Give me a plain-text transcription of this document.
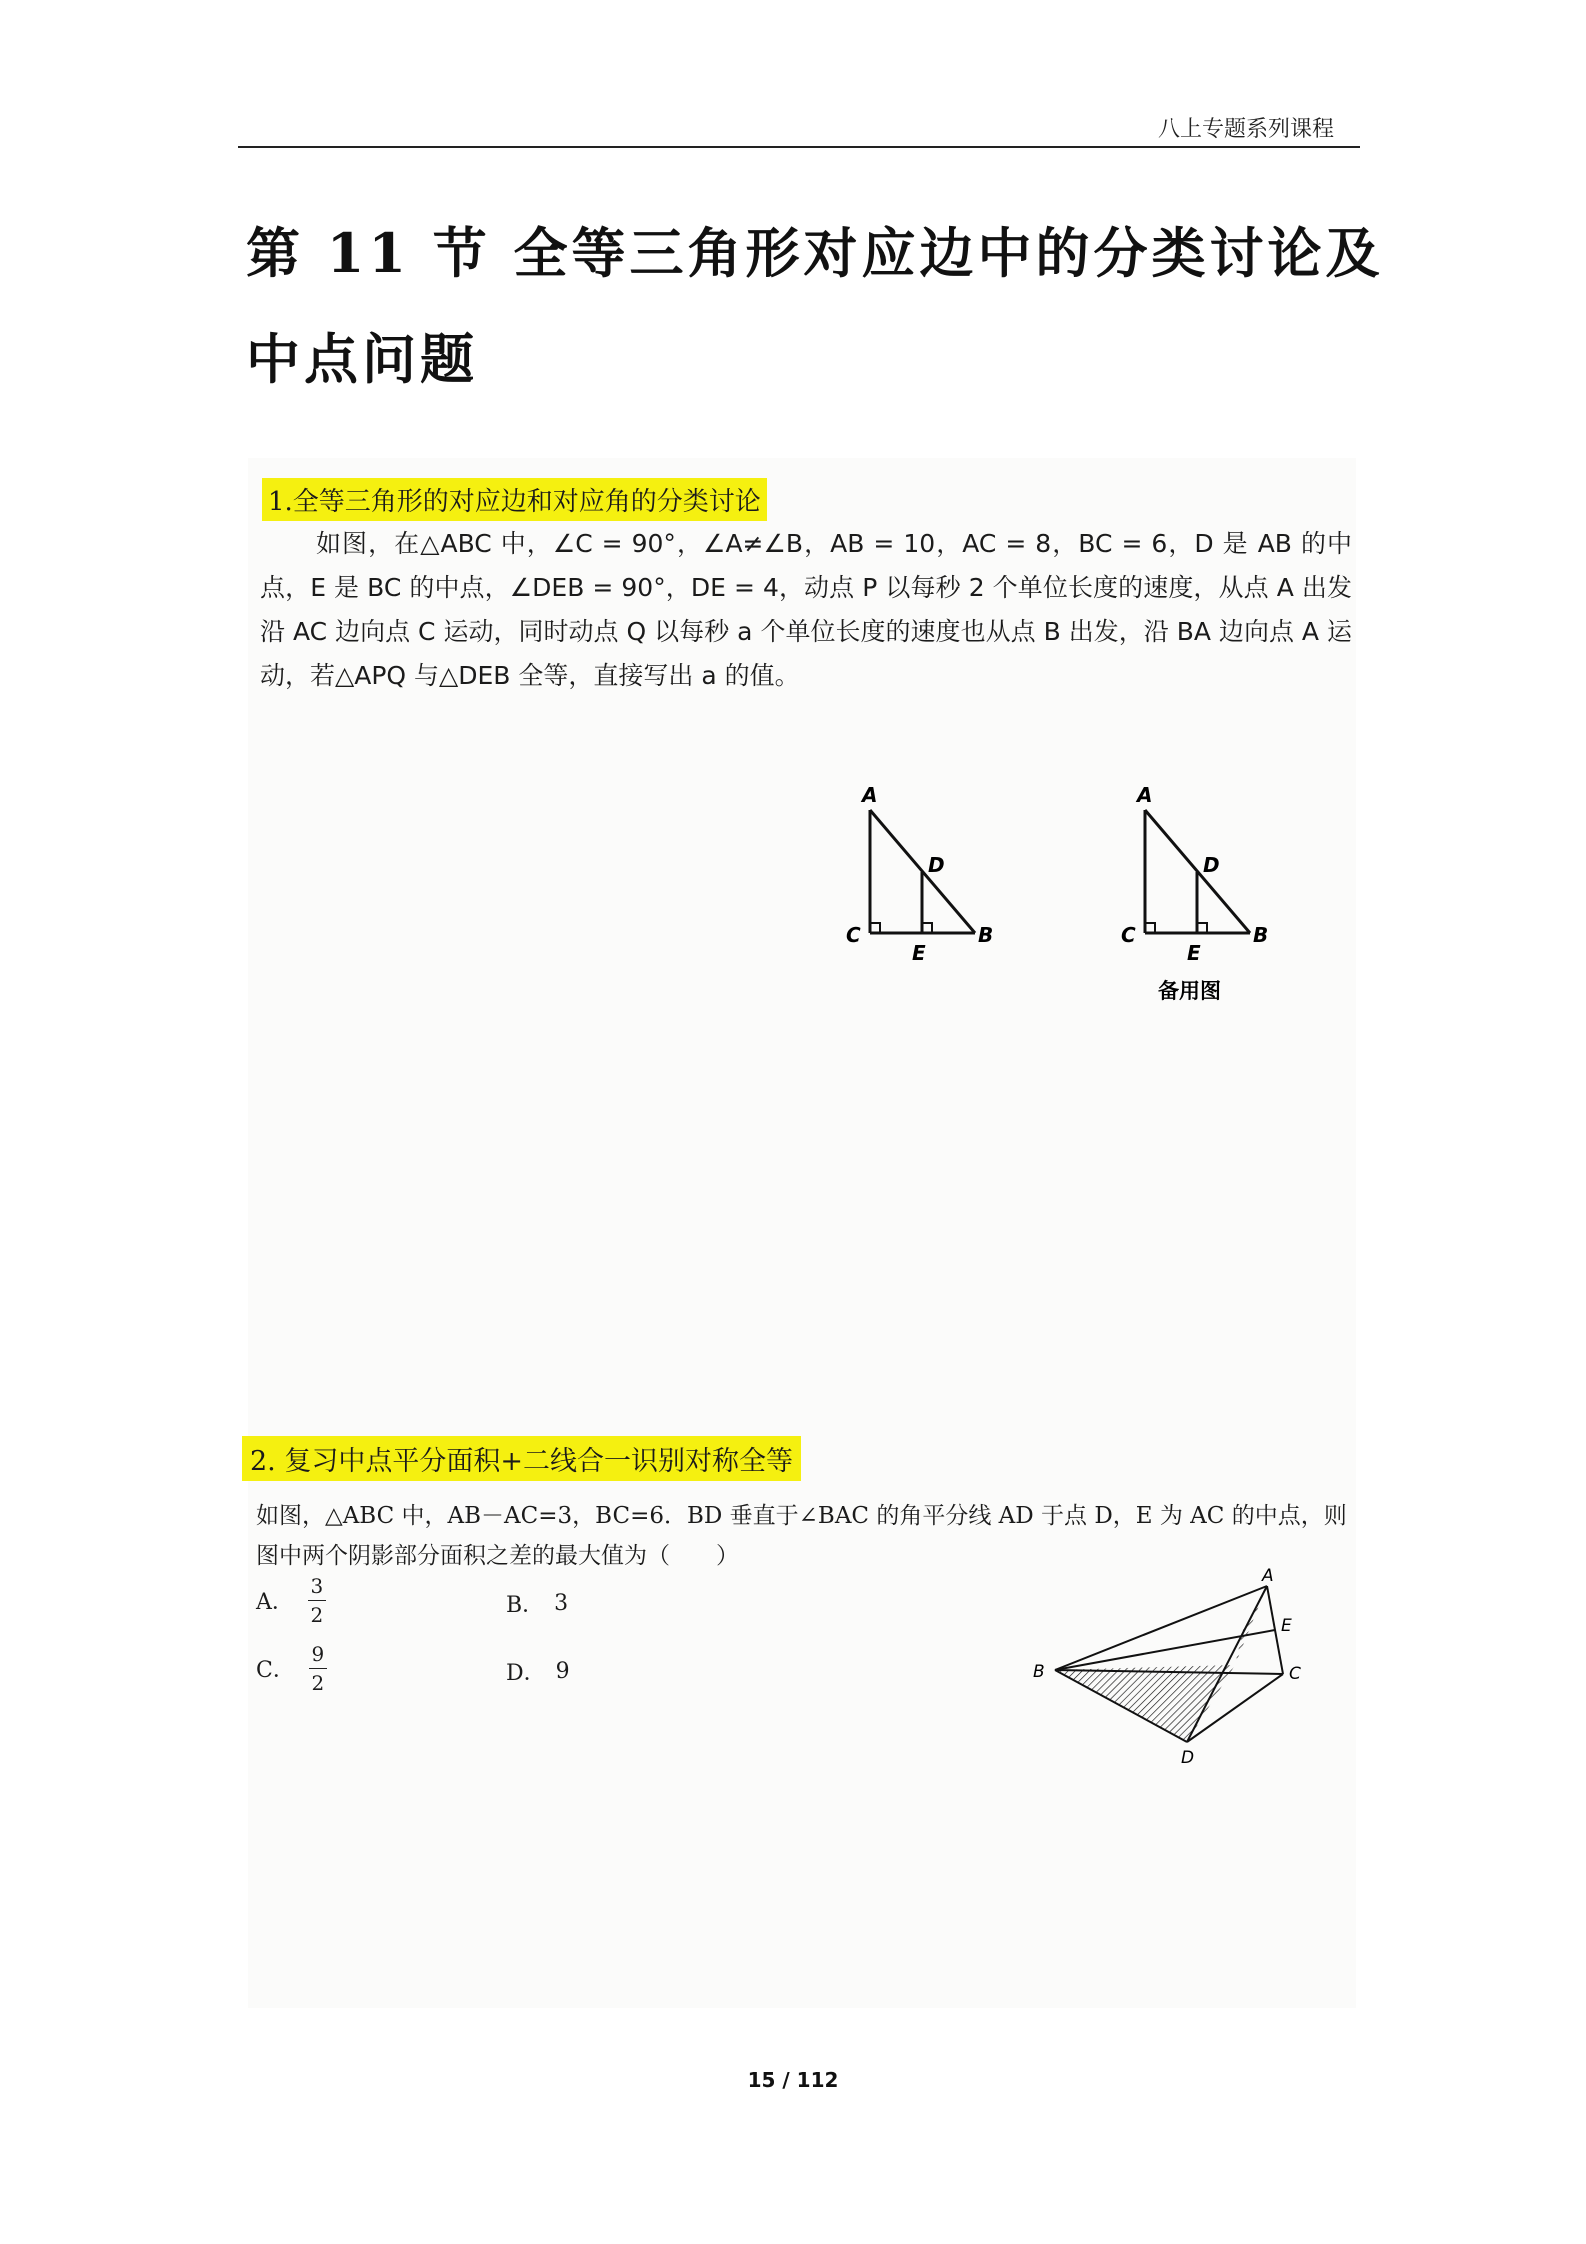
八上专题系列课程
第 11 节 全等三角形对应边中的分类讨论及
中点问题
1.全等三角形的对应边和对应角的分类讨论

如图，在△ABC 中，∠C = 90°，∠A≠∠B，AB = 10，AC = 8，BC = 6，D 是 AB 的中点，E 是 BC 的中点，∠DEB = 90°，DE = 4，动点 P 以每秒 2 个单位长度的速度，从点 A 出发沿 AC 边向点 C 运动，同时动点 Q 以每秒 a 个单位长度的速度也从点 B 出发，沿 BA 边向点 A 运动，若△APQ 与△DEB 全等，直接写出 a 的值。

A
D
C	B
E
A
D
C	B
E
备用图
2. 复习中点平分面积+二线合一识别对称全等

如图，△ABC 中，AB－AC=3，BC=6．BD 垂直于∠BAC 的角平分线 AD 于点 D，E 为 AC 的中点，则图中两个阴影部分面积之差的最大值为（　　）

A． $\frac{3}{2}$	B． 3
C． $\frac{9}{2}$	D． 9
A
E
B	C
D
15 / 112
